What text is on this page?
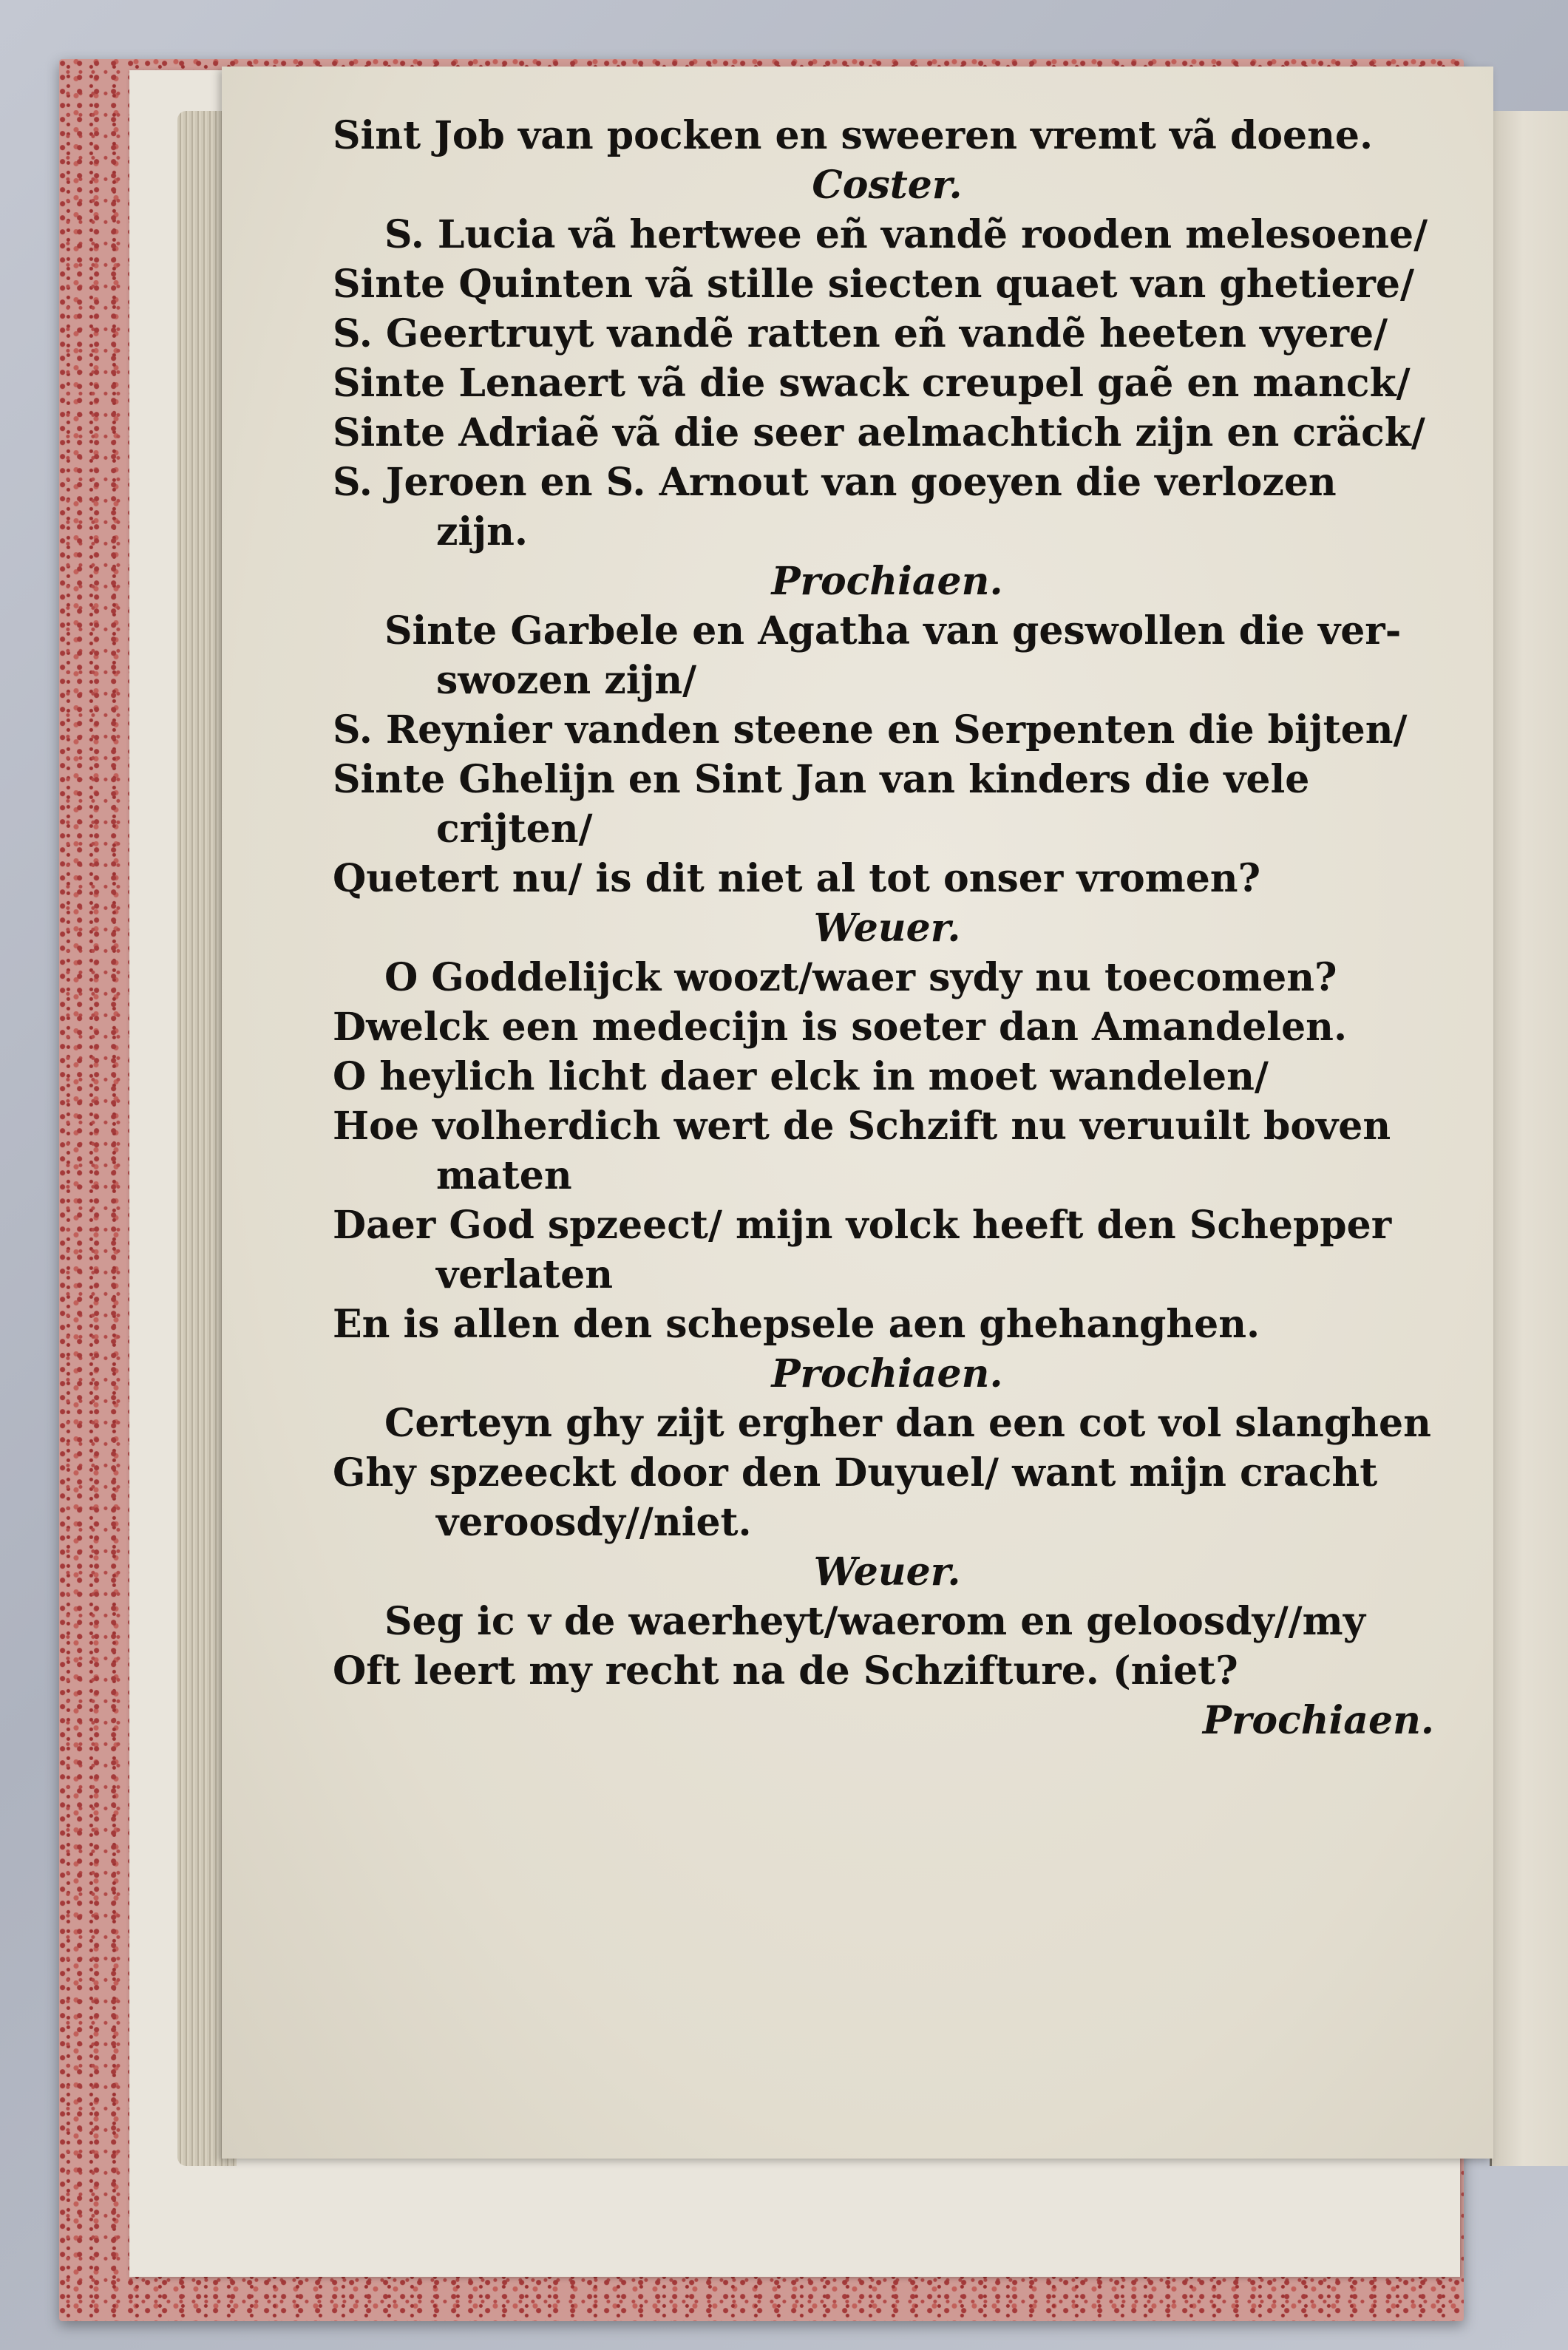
Sint Job van pocken en sweeren vremt vã doene.
Coster.
S. Lucia vã hertwee eñ vandẽ rooden melesoene/
Sinte Quinten vã stille siecten quaet van ghetiere/
S. Geertruyt vandẽ ratten eñ vandẽ heeten vyere/
Sinte Lenaert vã die swack creupel gaẽ en manck/
Sinte Adriaẽ vã die seer aelmachtich zijn en cräck/
S. Jeroen en S. Arnout van goeyen die verlozen
zijn.
Prochiaen.
Sinte Garbele en Agatha van geswollen die ver-
swozen zijn/
S. Reynier vanden steene en Serpenten die bijten/
Sinte Ghelijn en Sint Jan van kinders die vele
crijten/
Quetert nu/ is dit niet al tot onser vromen?
Weuer.
O Goddelijck woozt/waer sydy nu toecomen?
Dwelck een medecijn is soeter dan Amandelen.
O heylich licht daer elck in moet wandelen/
Hoe volherdich wert de Schzift nu veruuilt boven
maten
Daer God spzeect/ mijn volck heeft den Schepper
verlaten
En is allen den schepsele aen ghehanghen.
Prochiaen.
Certeyn ghy zijt ergher dan een cot vol slanghen
Ghy spzeeckt door den Duyuel/ want mijn cracht
veroosdy//niet.
Weuer.
Seg ic v de waerheyt/waerom en geloosdy//my
Oft leert my recht na de Schzifture. (niet?
Prochiaen.
